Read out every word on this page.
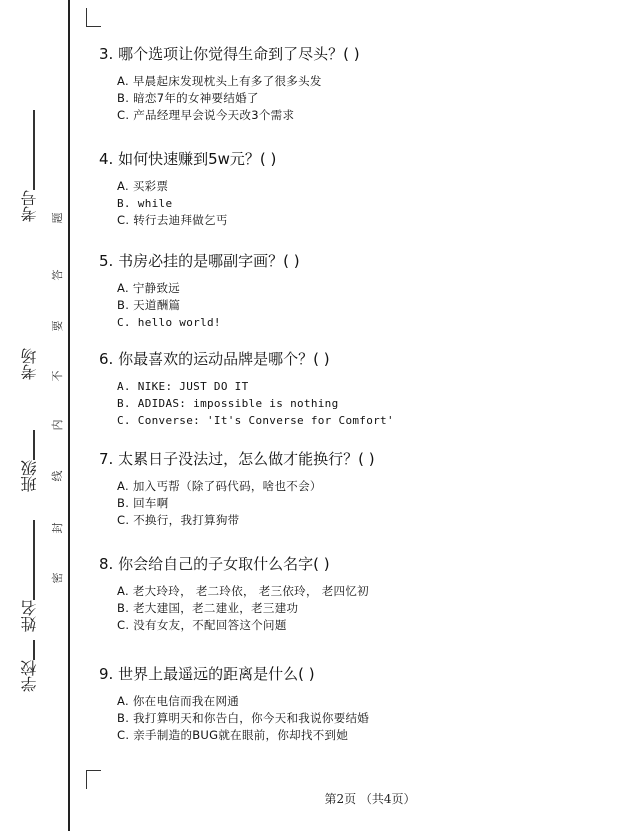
学校
姓名
班级
考场
考号
密
封
线
内
不
要
答
题
3. 哪个选项让你觉得生命到了尽头？( )
A. 早晨起床发现枕头上有多了很多头发
B. 暗恋7年的女神要结婚了
C. 产品经理早会说今天改3个需求
4. 如何快速赚到5w元？( )
A. 买彩票
B. while
C. 转行去迪拜做乞丐
5. 书房必挂的是哪副字画？( )
A. 宁静致远
B. 天道酬篇
C. hello world!
6. 你最喜欢的运动品牌是哪个？( )
A. NIKE: JUST DO IT
B. ADIDAS: impossible is nothing
C. Converse: 'It's Converse for Comfort'
7. 太累日子没法过，怎么做才能换行？( )
A. 加入丐帮（除了码代码，啥也不会）
B. 回车啊
C. 不换行，我打算狗带
8. 你会给自己的子女取什么名字( )
A. 老大玲玲， 老二玲依， 老三依玲， 老四忆初
B. 老大建国，老二建业，老三建功
C. 没有女友，不配回答这个问题
9. 世界上最遥远的距离是什么( )
A. 你在电信而我在网通
B. 我打算明天和你告白，你今天和我说你要结婚
C. 亲手制造的BUG就在眼前，你却找不到她
第2页 （共4页）
